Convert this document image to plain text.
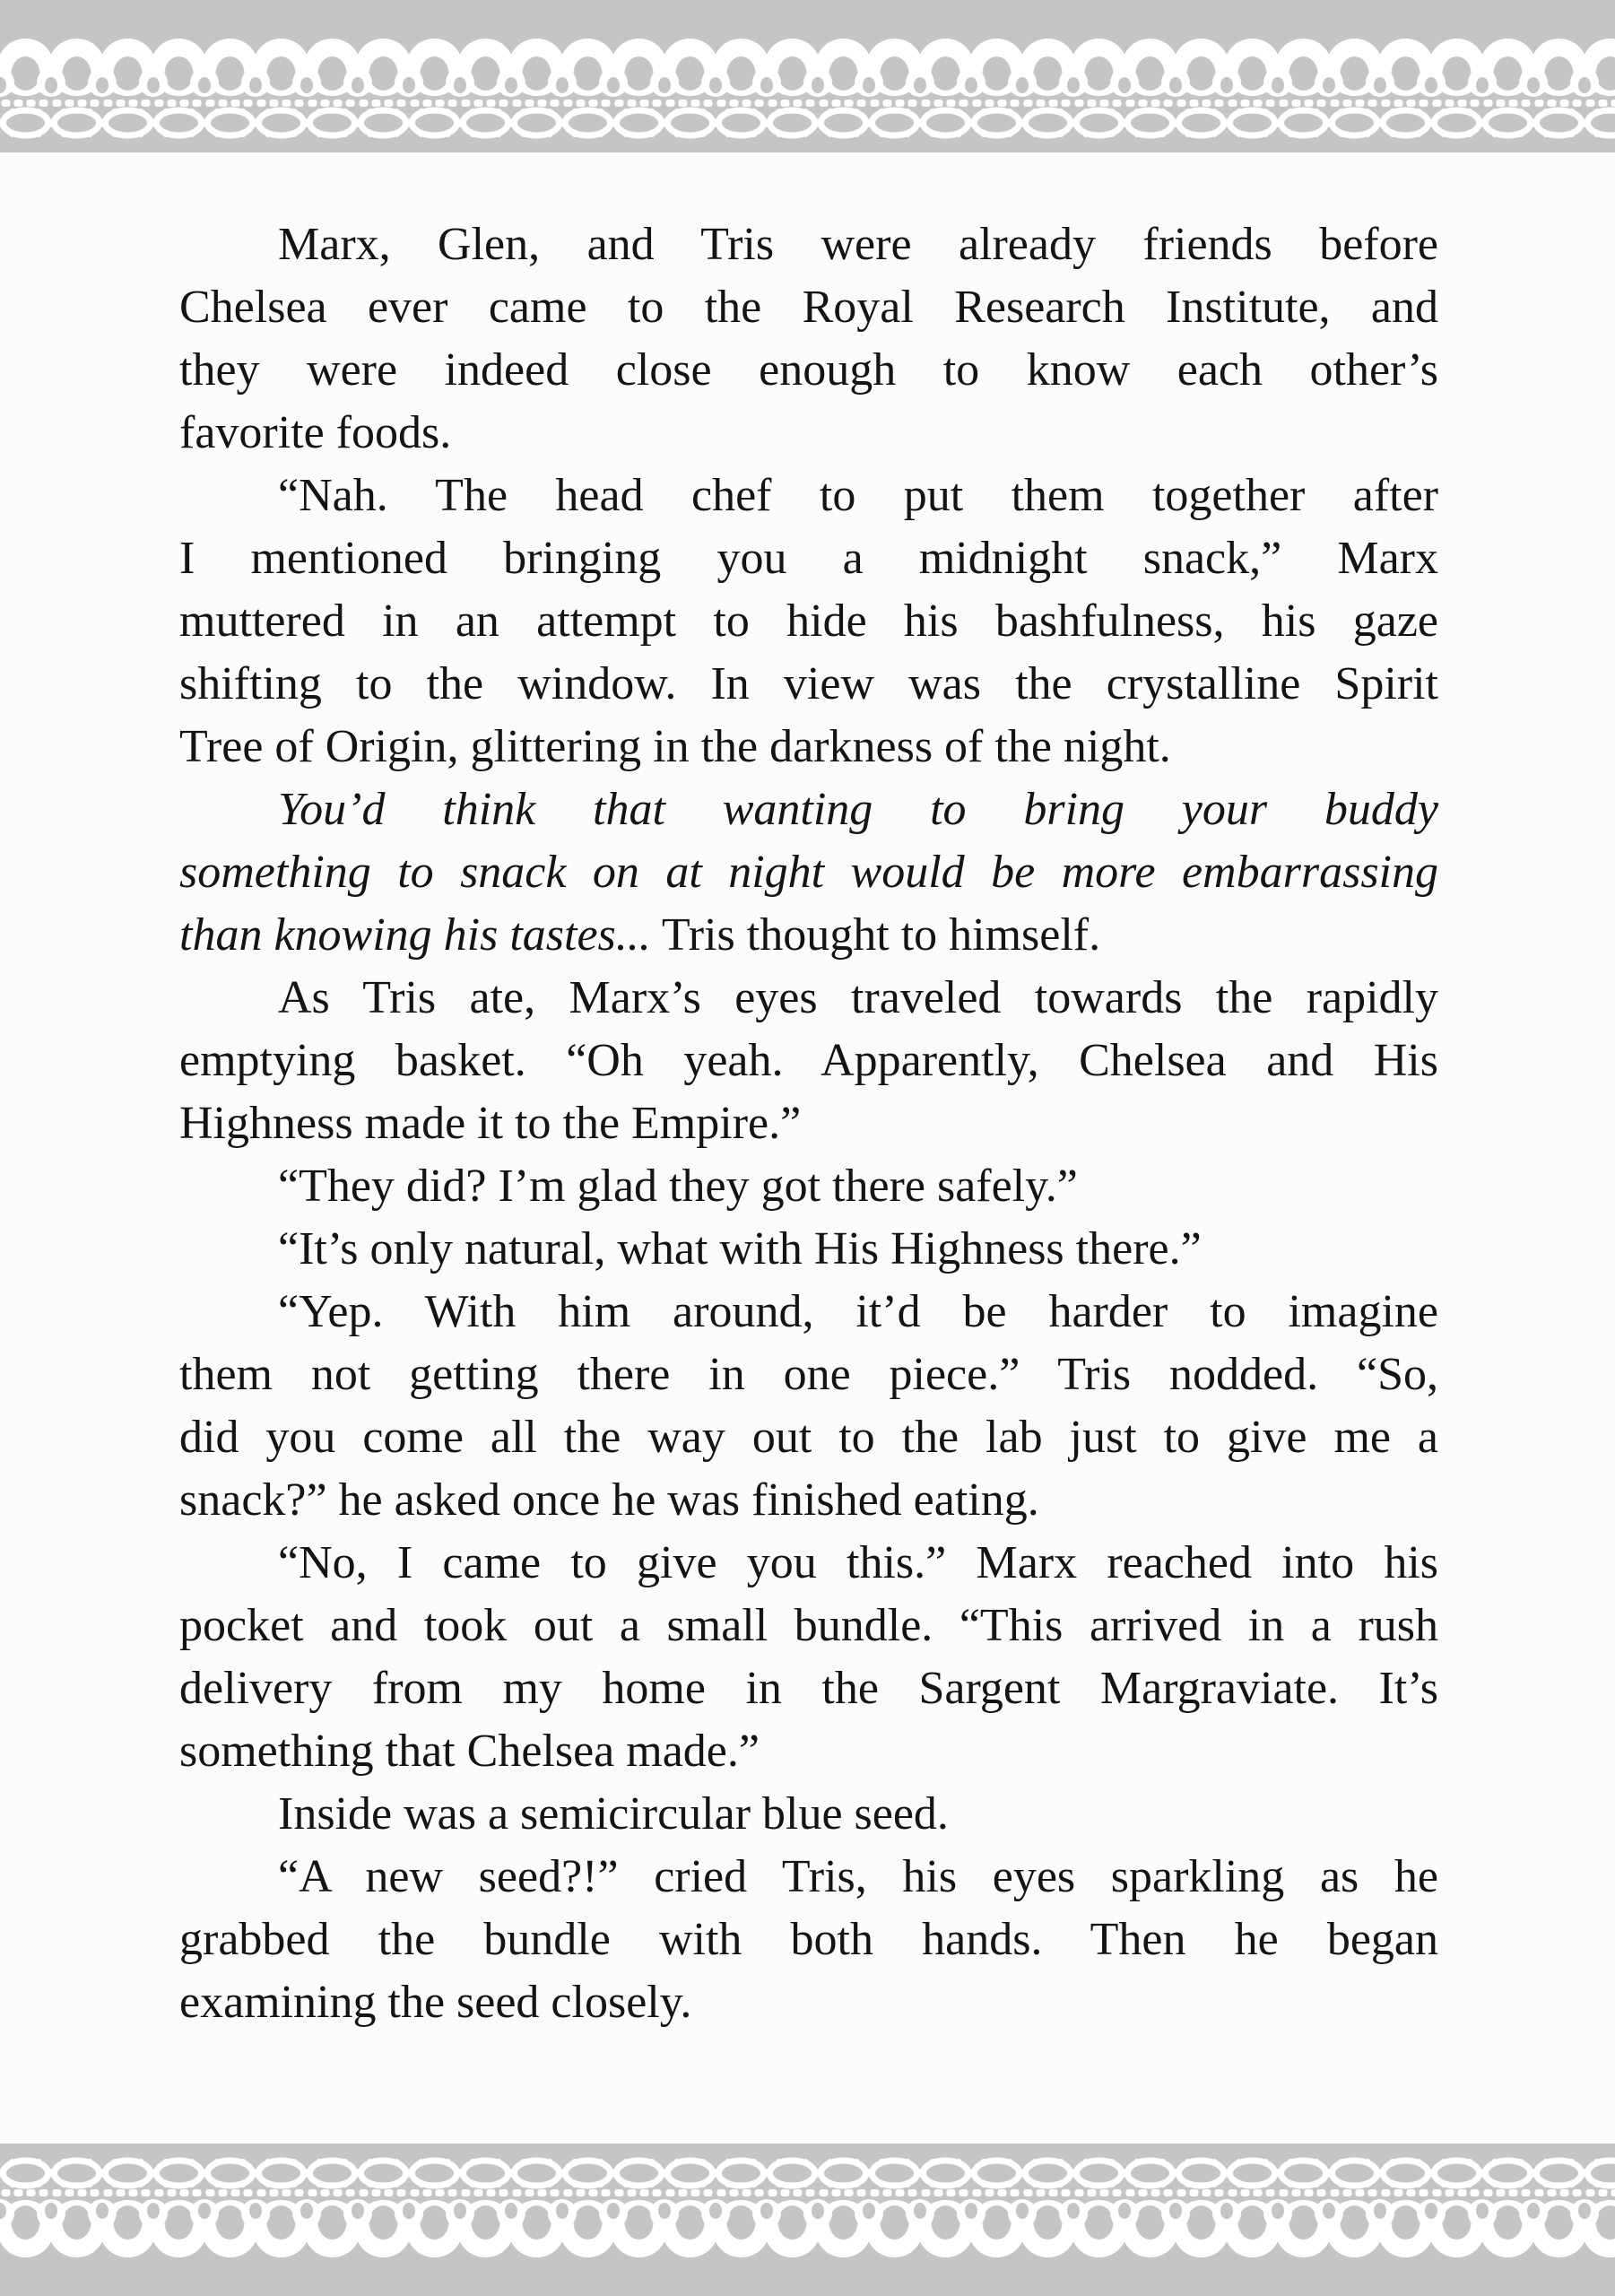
Marx, Glen, and Tris were already friends before
Chelsea ever came to the Royal Research Institute, and
they were indeed close enough to know each other’s
favorite foods.
“Nah. The head chef to put them together after
I mentioned bringing you a midnight snack,” Marx
muttered in an attempt to hide his bashfulness, his gaze
shifting to the window. In view was the crystalline Spirit
Tree of Origin, glittering in the darkness of the night.
You’d think that wanting to bring your buddy
something to snack on at night would be more embarrassing
than knowing his tastes... Tris thought to himself.
As Tris ate, Marx’s eyes traveled towards the rapidly
emptying basket. “Oh yeah. Apparently, Chelsea and His
Highness made it to the Empire.”
“They did? I’m glad they got there safely.”
“It’s only natural, what with His Highness there.”
“Yep. With him around, it’d be harder to imagine
them not getting there in one piece.” Tris nodded. “So,
did you come all the way out to the lab just to give me a
snack?” he asked once he was finished eating.
“No, I came to give you this.” Marx reached into his
pocket and took out a small bundle. “This arrived in a rush
delivery from my home in the Sargent Margraviate. It’s
something that Chelsea made.”
Inside was a semicircular blue seed.
“A new seed?!” cried Tris, his eyes sparkling as he
grabbed the bundle with both hands. Then he began
examining the seed closely.
